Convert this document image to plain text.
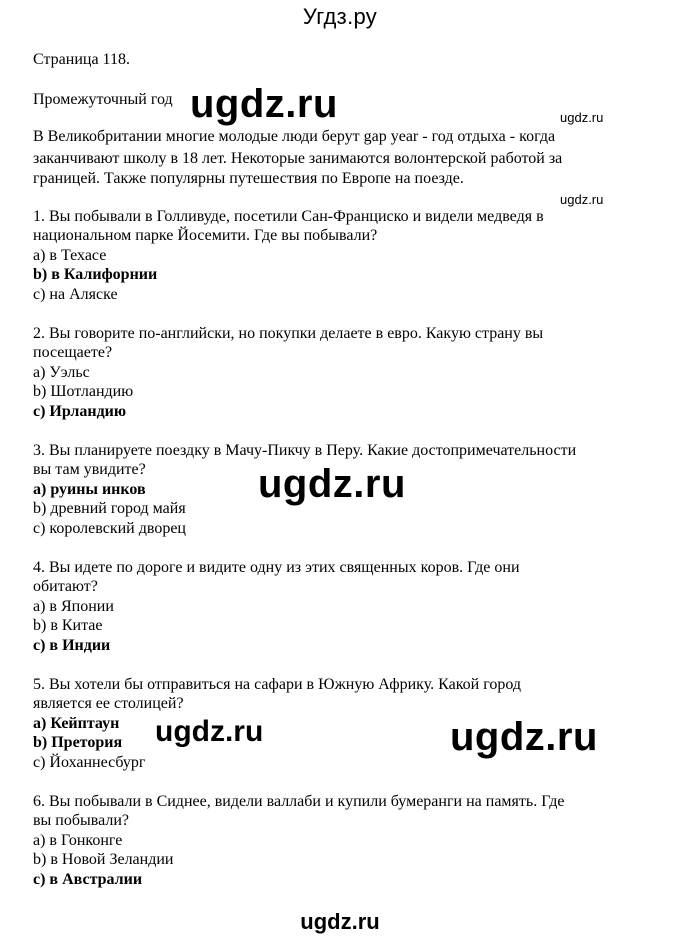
Угдз.ру
Страница 118.
Промежуточный год
В Великобритании многие молодые люди берут gap year - год отдыха - когда
заканчивают школу в 18 лет. Некоторые занимаются волонтерской работой за
границей. Также популярны путешествия по Европе на поезде.
1. Вы побывали в Голливуде, посетили Сан-Франциско и видели медведя в
национальном парке Йосемити. Где вы побывали?
a) в Техасе
b) в Калифорнии
c) на Аляске
2. Вы говорите по-английски, но покупки делаете в евро. Какую страну вы
посещаете?
a) Уэльс
b) Шотландию
c) Ирландию
3. Вы планируете поездку в Мачу-Пикчу в Перу. Какие достопримечательности
вы там увидите?
a) руины инков
b) древний город майя
c) королевский дворец
4. Вы идете по дороге и видите одну из этих священных коров. Где они
обитают?
a) в Японии
b) в Китае
c) в Индии
5. Вы хотели бы отправиться на сафари в Южную Африку. Какой город
является ее столицей?
a) Кейптаун
b) Претория
c) Йоханнесбург
6. Вы побывали в Сиднее, видели валлаби и купили бумеранги на память. Где
вы побывали?
a) в Гонконге
b) в Новой Зеландии
c) в Австралии
ugdz.ru	ugdz.ru
ugdz.ru
ugdz.ru
ugdz.ru	ugdz.ru
ugdz.ru
